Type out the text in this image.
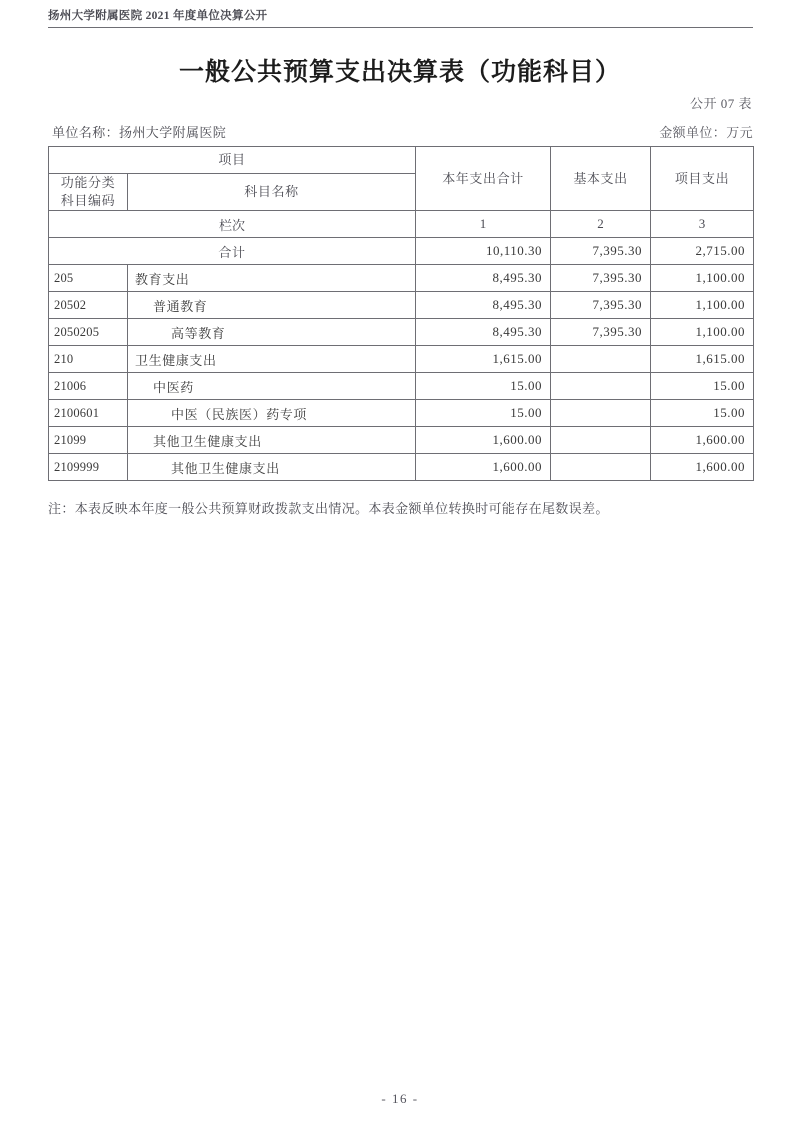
扬州大学附属医院 2021 年度单位决算公开
一般公共预算支出决算表（功能科目）
公开 07 表
单位名称：扬州大学附属医院	金额单位：万元
项目		本年支出合计	基本支出	项目支出

功能分类
科目编码	科目名称			
栏次		1	2	3
合计		10,110.30	7,395.30	2,715.00
205	教育支出	8,495.30	7,395.30	1,100.00
20502	普通教育	8,495.30	7,395.30	1,100.00
2050205	高等教育	8,495.30	7,395.30	1,100.00
210	卫生健康支出	1,615.00		1,615.00
21006	中医药	15.00		15.00
2100601	中医（民族医）药专项	15.00		15.00
21099	其他卫生健康支出	1,600.00		1,600.00
2109999	其他卫生健康支出	1,600.00		1,600.00
注：本表反映本年度一般公共预算财政拨款支出情况。本表金额单位转换时可能存在尾数误差。
- 16 -
